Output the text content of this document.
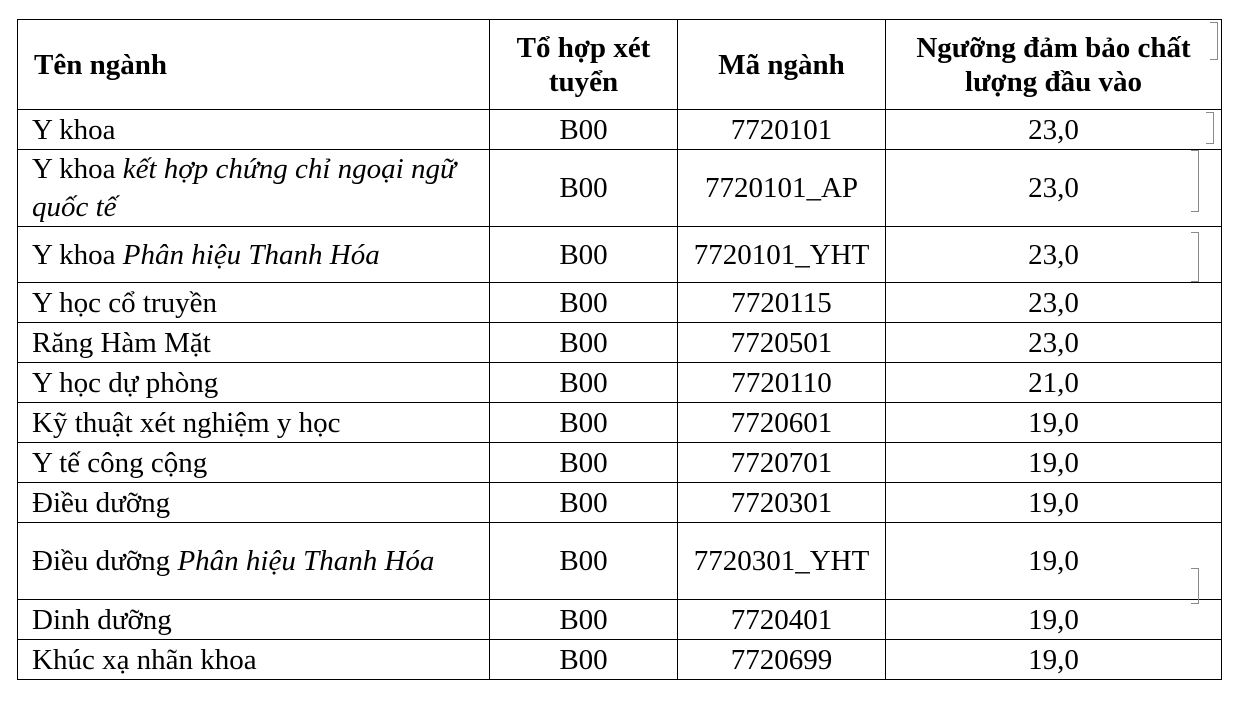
Tên ngành	Tổ hợp xét tuyển	Mã ngành	Ngưỡng đảm bảo chất lượng đầu vào
Y khoa	B00	7720101	23,0
Y khoa kết hợp chứng chỉ ngoại ngữ quốc tế	B00	7720101_AP	23,0
Y khoa Phân hiệu Thanh Hóa	B00	7720101_YHT	23,0
Y học cổ truyền	B00	7720115	23,0
Răng Hàm Mặt	B00	7720501	23,0
Y học dự phòng	B00	7720110	21,0
Kỹ thuật xét nghiệm y học	B00	7720601	19,0
Y tế công cộng	B00	7720701	19,0
Điều dưỡng	B00	7720301	19,0
Điều dưỡng Phân hiệu Thanh Hóa	B00	7720301_YHT	19,0
Dinh dưỡng	B00	7720401	19,0
Khúc xạ nhãn khoa	B00	7720699	19,0
